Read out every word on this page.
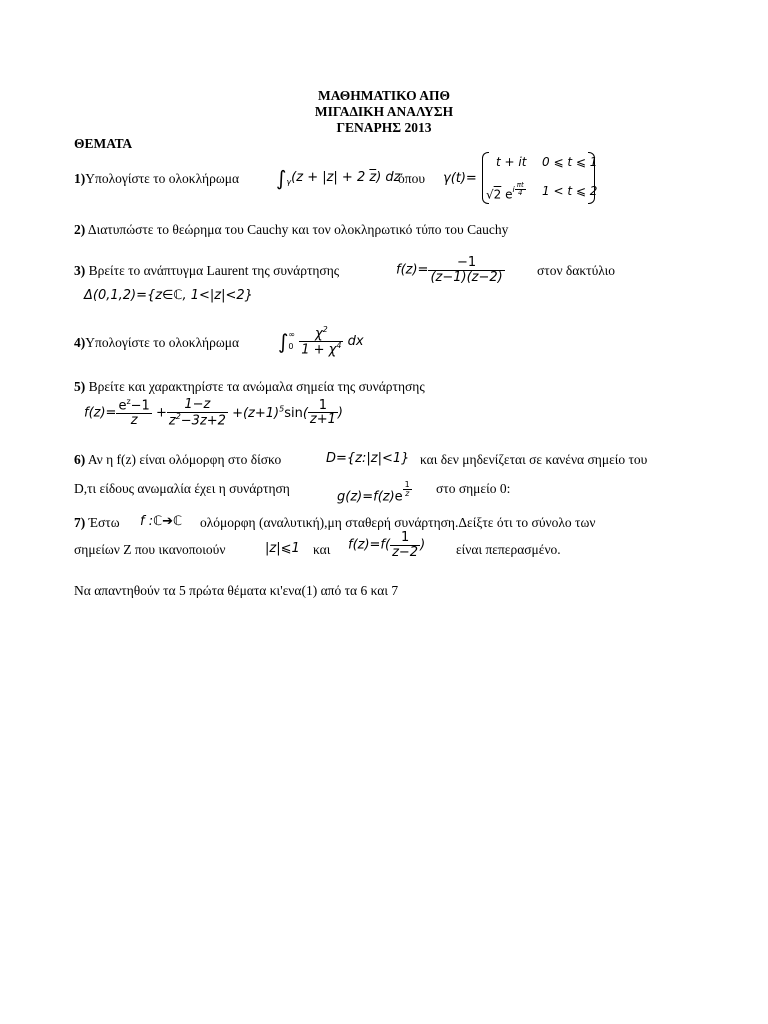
ΜΑΘΗΜΑΤΙΚΟ ΑΠΘ
ΜΙΓΑΔΙΚΗ ΑΝΑΛΥΣΗ
ΓΕΝΑΡΗΣ 2013
ΘΕΜΑΤΑ
1)Υπολογίστε το ολοκλήρωμα $\int_\gamma(z + |z| + 2$ $\overline{z}$) dz
όπου γ(t)=
t + it 0 ⩽ t ⩽ 1
√2 $e^{i \frac{\pi t}{4}}$ 1 < t ⩽ 2
2) Διατυπώστε το θεώρημα του Cauchy και τον ολοκληρωτικό τύπο του Cauchy
3) Βρείτε το ανάπτυγμα Laurent της συνάρτησης	$f(z)= \frac{-1}{(z-1)(z-2)}$ στον δακτύλιο
Δ(0,1,2)={z∈ℂ, 1<|z|<2}
4)Υπολογίστε το ολοκλήρωμα ∫∞
$0 \frac{\chi^2}{1 + \chi^4}$ dx
5) Βρείτε και χαρακτηρίστε τα ανώμαλα σημεία της συνάρτησης
$f(z)= \frac{e^z-1}{z} + \frac{1-z}{z^2-3z+2} +(z+1)^5\sin( \frac{1}{z+1}$ )
6) Αν η f(z) είναι ολόμορφη στο δίσκο	D={z:|z|<1} και δεν μηδενίζεται σε κανένα σημείο του
D,τι είδους ανωμαλία έχει η συνάρτηση
g(z)=f(z)e $^{\frac{1}{z}}$ στο σημείο 0:
7) Έστω f :ℂ➔ℂ ολόμορφη (αναλυτική),μη σταθερή συνάρτηση.Δείξτε ότι το σύνολο των
σημείων Z που ικανοποιούν	|z|⩽1 και $f(z)=f( \frac{1}{z-2}$ ) είναι πεπερασμένο.
Να απαντηθούν τα 5 πρώτα θέματα κι'ενα(1) από τα 6 και 7
